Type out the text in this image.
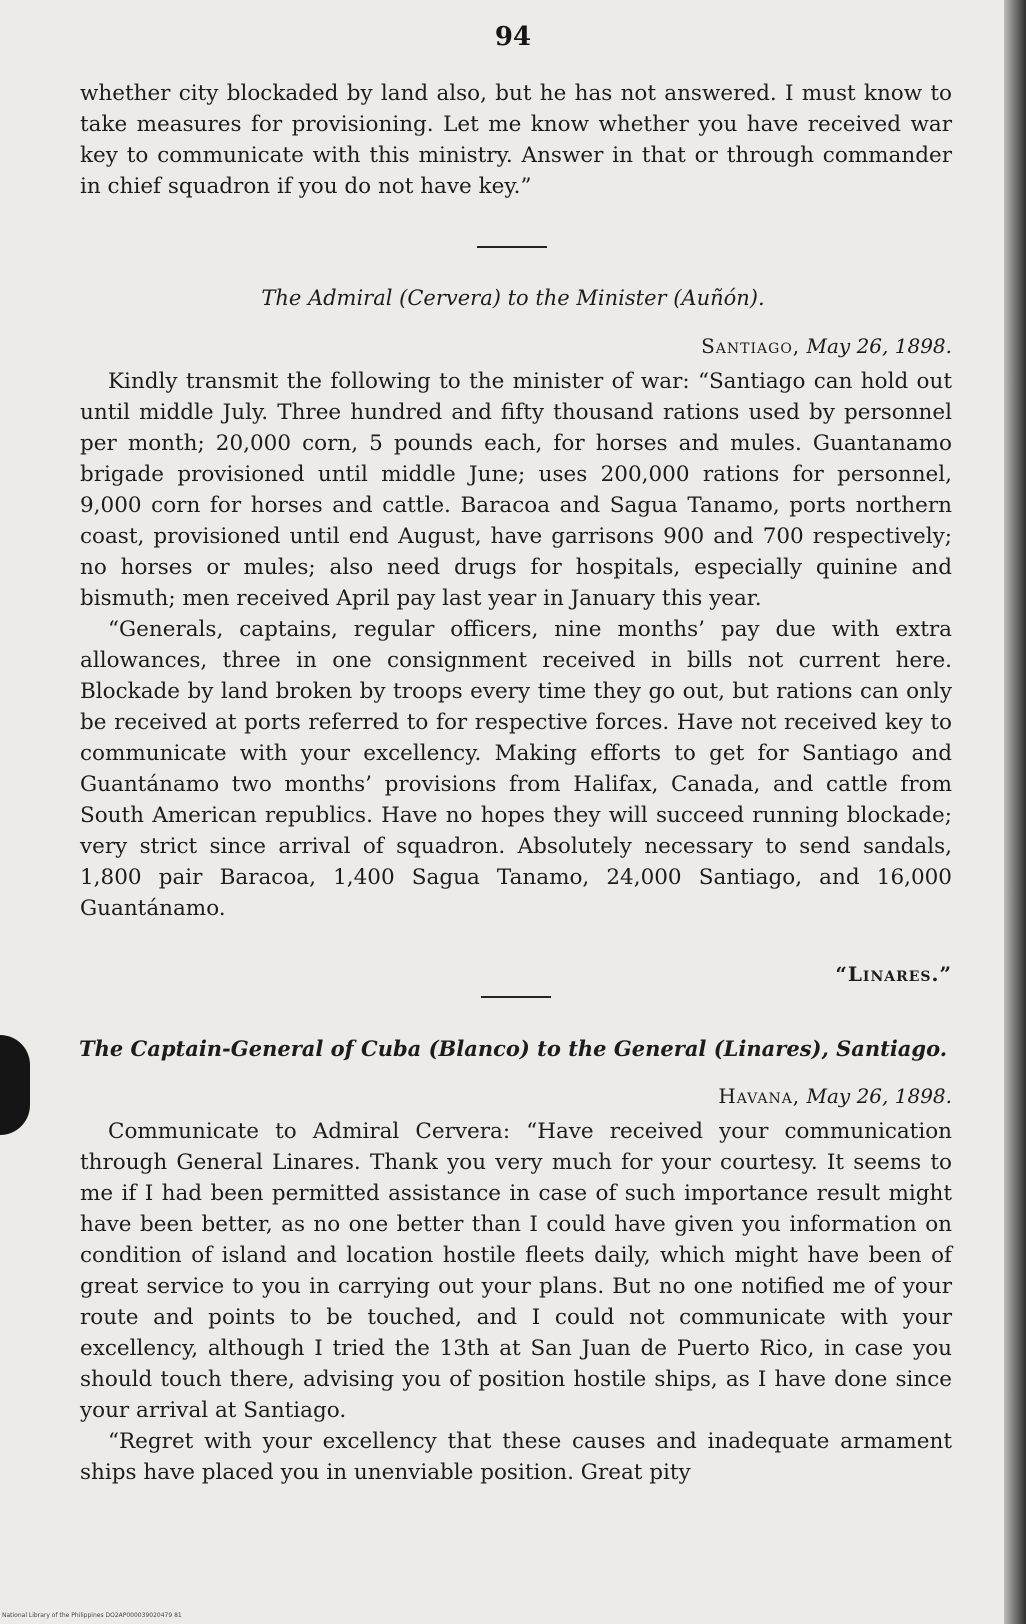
94

whether city blockaded by land also, but he has not answered. I must know to take measures for provisioning. Let me know whether you have received war key to communicate with this ministry. Answer in that or through commander in chief squadron if you do not have key.”

The Admiral (Cervera) to the Minister (Auñón).
Santiago, May 26, 1898.

Kindly transmit the following to the minister of war: “Santiago can hold out until middle July. Three hundred and fifty thousand rations used by personnel per month; 20,000 corn, 5 pounds each, for horses and mules. Guantanamo brigade provisioned until middle June; uses 200,000 rations for personnel, 9,000 corn for horses and cattle. Baracoa and Sagua Tanamo, ports northern coast, provisioned until end August, have garrisons 900 and 700 respectively; no horses or mules; also need drugs for hospitals, especially quinine and bismuth; men received April pay last year in January this year.

“Generals, captains, regular officers, nine months’ pay due with extra allowances, three in one consignment received in bills not current here. Blockade by land broken by troops every time they go out, but rations can only be received at ports referred to for respective forces. Have not received key to communicate with your excellency. Making efforts to get for Santiago and Guantánamo two months’ provisions from Halifax, Canada, and cattle from South American republics. Have no hopes they will succeed running blockade; very strict since arrival of squadron. Absolutely necessary to send sandals, 1,800 pair Baracoa, 1,400 Sagua Tanamo, 24,000 Santiago, and 16,000 Guantánamo.

“Linares.”
The Captain-General of Cuba (Blanco) to the General (Linares), Santiago.
Havana, May 26, 1898.

Communicate to Admiral Cervera: “Have received your communication through General Linares. Thank you very much for your courtesy. It seems to me if I had been permitted assistance in case of such importance result might have been better, as no one better than I could have given you information on condition of island and location hostile fleets daily, which might have been of great service to you in carrying out your plans. But no one notified me of your route and points to be touched, and I could not communicate with your excellency, although I tried the 13th at San Juan de Puerto Rico, in case you should touch there, advising you of position hostile ships, as I have done since your arrival at Santiago.

“Regret with your excellency that these causes and inadequate armament ships have placed you in unenviable position. Great pity

National Library of the Philippines DO2AP000039020479 81
